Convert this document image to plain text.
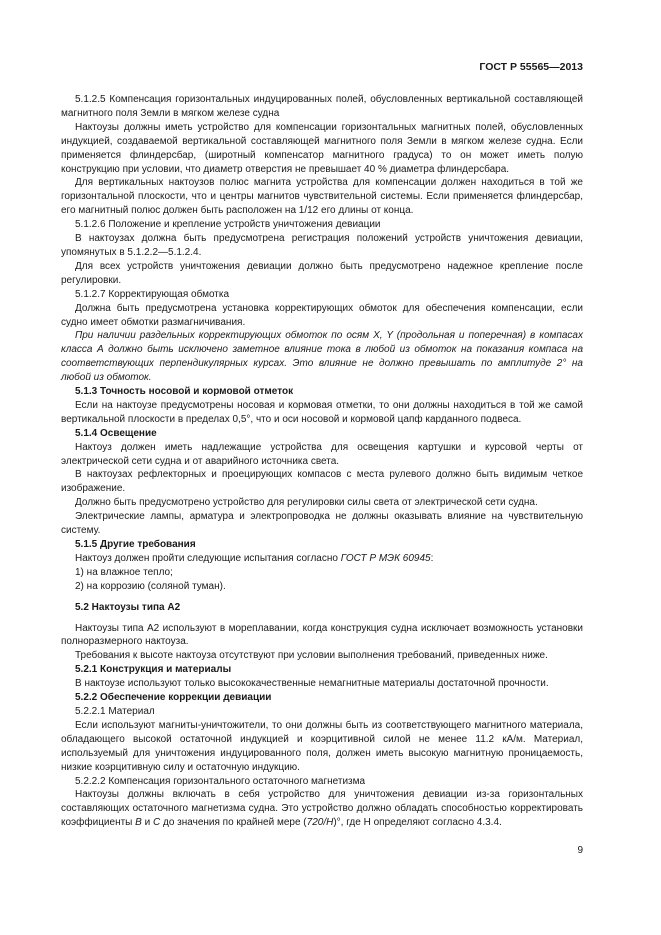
ГОСТ Р 55565—2013

5.1.2.5 Компенсация горизонтальных индуцированных полей, обусловленных вертикальной составляющей магнитного поля Земли в мягком железе судна

Нактоузы должны иметь устройство для компенсации горизонтальных магнитных полей, обусловленных индукцией, создаваемой вертикальной составляющей магнитного поля Земли в мягком железе судна. Если применяется флиндерсбар, (широтный компенсатор магнитного градуса) то он может иметь полую конструкцию при условии, что диаметр отверстия не превышает 40 % диаметра флиндерсбара.

Для вертикальных нактоузов полюс магнита устройства для компенсации должен находиться в той же горизонтальной плоскости, что и центры магнитов чувствительной системы. Если применяется флиндерсбар, его магнитный полюс должен быть расположен на 1/12 его длины от конца.

5.1.2.6 Положение и крепление устройств уничтожения девиации

В нактоузах должна быть предусмотрена регистрация положений устройств уничтожения девиации, упомянутых в 5.1.2.2—5.1.2.4.

Для всех устройств уничтожения девиации должно быть предусмотрено надежное крепление после регулировки.

5.1.2.7 Корректирующая обмотка

Должна быть предусмотрена установка корректирующих обмоток для обеспечения компенсации, если судно имеет обмотки размагничивания.

При наличии раздельных корректирующих обмоток по осям X, Y (продольная и поперечная) в компасах класса А должно быть исключено заметное влияние тока в любой из обмоток на показания компаса на соответствующих перпендикулярных курсах. Это влияние не должно превышать по амплитуде 2° на любой из обмоток.

5.1.3 Точность носовой и кормовой отметок

Если на нактоузе предусмотрены носовая и кормовая отметки, то они должны находиться в той же самой вертикальной плоскости в пределах 0,5°, что и оси носовой и кормовой цапф карданного подвеса.

5.1.4 Освещение

Нактоуз должен иметь надлежащие устройства для освещения картушки и курсовой черты от электрической сети судна и от аварийного источника света.

В нактоузах рефлекторных и проецирующих компасов с места рулевого должно быть видимым четкое изображение.

Должно быть предусмотрено устройство для регулировки силы света от электрической сети судна.

Электрические лампы, арматура и электропроводка не должны оказывать влияние на чувствительную систему.

5.1.5 Другие требования

Нактоуз должен пройти следующие испытания согласно ГОСТ Р МЭК 60945:

1) на влажное тепло;

2) на коррозию (соляной туман).

5.2 Нактоузы типа А2

Нактоузы типа А2 используют в мореплавании, когда конструкция судна исключает возможность установки полноразмерного нактоуза.

Требования к высоте нактоуза отсутствуют при условии выполнения требований, приведенных ниже.

5.2.1 Конструкция и материалы

В нактоузе используют только высококачественные немагнитные материалы достаточной прочности.

5.2.2 Обеспечение коррекции девиации

5.2.2.1 Материал

Если используют магниты-уничтожители, то они должны быть из соответствующего магнитного материала, обладающего высокой остаточной индукцией и коэрцитивной силой не менее 11.2 кА/м. Материал, используемый для уничтожения индуцированного поля, должен иметь высокую магнитную проницаемость, низкие коэрцитивную силу и остаточную индукцию.

5.2.2.2 Компенсация горизонтального остаточного магнетизма

Нактоузы должны включать в себя устройство для уничтожения девиации из-за горизонтальных составляющих остаточного магнетизма судна. Это устройство должно обладать способностью корректировать коэффициенты В и С до значения по крайней мере (720/H)°, где Н определяют согласно 4.3.4.

9
